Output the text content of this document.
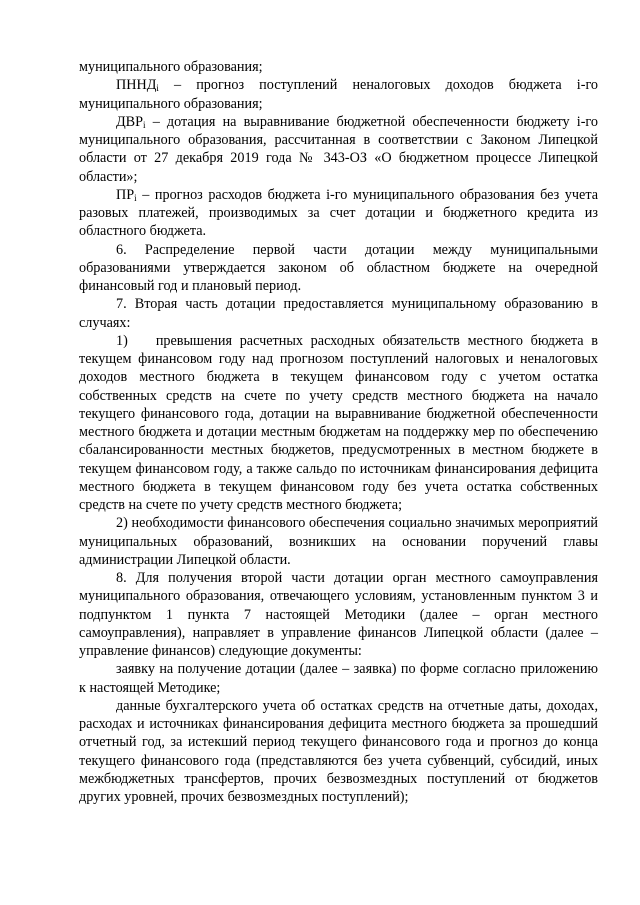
муниципального образования;

$ПННД_i$ – прогноз поступлений неналоговых доходов бюджета i-го муниципального образования;

$ДВР_i$ – дотация на выравнивание бюджетной обеспеченности бюджету i-го муниципального образования, рассчитанная в соответствии с Законом Липецкой области от 27 декабря 2019 года № 343-ОЗ «О бюджетном процессе Липецкой области»;

$ПР_i$ – прогноз расходов бюджета i-го муниципального образования без учета разовых платежей, производимых за счет дотации и бюджетного кредита из областного бюджета.

6. Распределение первой части дотации между муниципальными образованиями утверждается законом об областном бюджете на очередной финансовый год и плановый период.

7. Вторая часть дотации предоставляется муниципальному образованию в случаях:

1) превышения расчетных расходных обязательств местного бюджета в текущем финансовом году над прогнозом поступлений налоговых и неналоговых доходов местного бюджета в текущем финансовом году с учетом остатка собственных средств на счете по учету средств местного бюджета на начало текущего финансового года, дотации на выравнивание бюджетной обеспеченности местного бюджета и дотации местным бюджетам на поддержку мер по обеспечению сбалансированности местных бюджетов, предусмотренных в местном бюджете в текущем финансовом году, а также сальдо по источникам финансирования дефицита местного бюджета в текущем финансовом году без учета остатка собственных средств на счете по учету средств местного бюджета;

2) необходимости финансового обеспечения социально значимых мероприятий муниципальных образований, возникших на основании поручений главы администрации Липецкой области.

8. Для получения второй части дотации орган местного самоуправления муниципального образования, отвечающего условиям, установленным пунктом 3 и подпунктом 1 пункта 7 настоящей Методики (далее – орган местного самоуправления), направляет в управление финансов Липецкой области (далее – управление финансов) следующие документы:

заявку на получение дотации (далее – заявка) по форме согласно приложению к настоящей Методике;

данные бухгалтерского учета об остатках средств на отчетные даты, доходах, расходах и источниках финансирования дефицита местного бюджета за прошедший отчетный год, за истекший период текущего финансового года и прогноз до конца текущего финансового года (представляются без учета субвенций, субсидий, иных межбюджетных трансфертов, прочих безвозмездных поступлений от бюджетов других уровней, прочих безвозмездных поступлений);
